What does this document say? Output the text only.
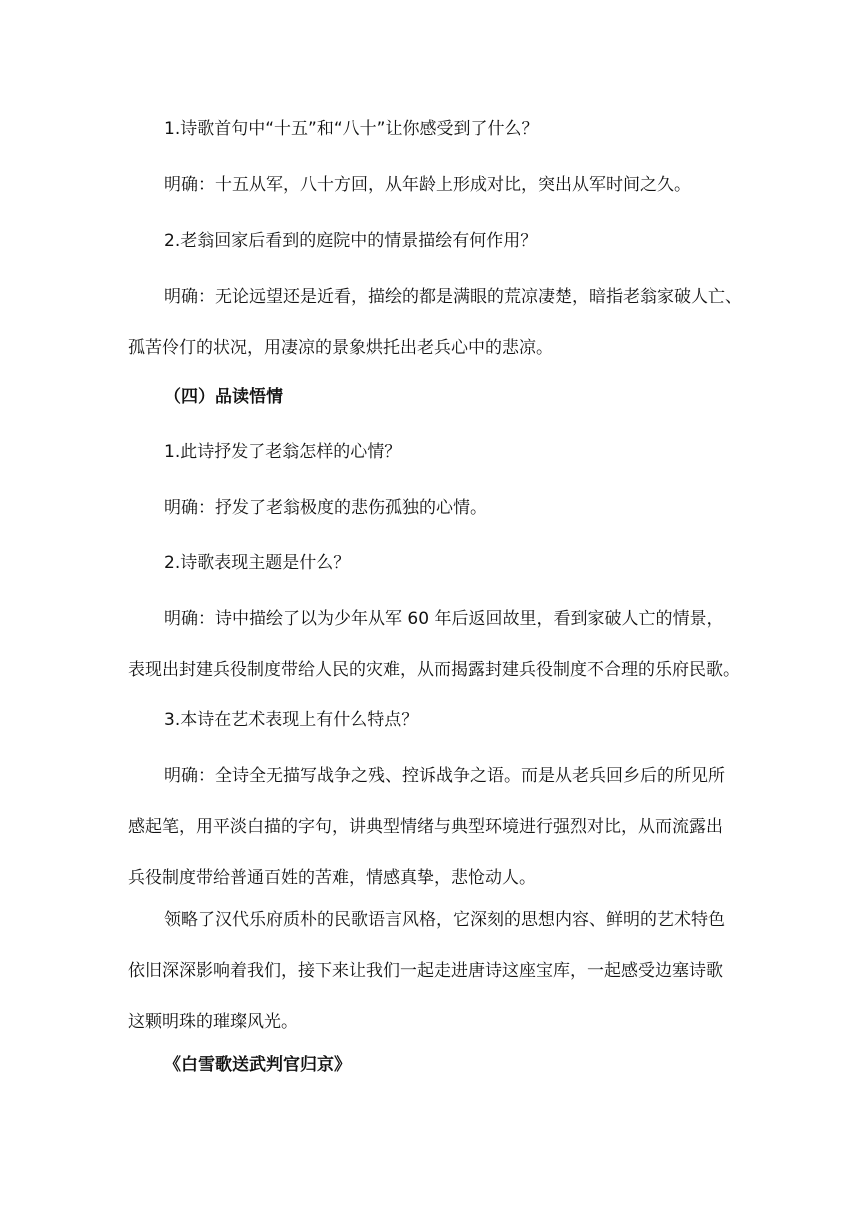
1.诗歌首句中“十五”和“八十”让你感受到了什么？

明确：十五从军，八十方回，从年龄上形成对比，突出从军时间之久。

2.老翁回家后看到的庭院中的情景描绘有何作用？

明确：无论远望还是近看，描绘的都是满眼的荒凉凄楚，暗指老翁家破人亡、
孤苦伶仃的状况，用凄凉的景象烘托出老兵心中的悲凉。

（四）品读悟情

1.此诗抒发了老翁怎样的心情？

明确：抒发了老翁极度的悲伤孤独的心情。

2.诗歌表现主题是什么？

明确：诗中描绘了以为少年从军 60 年后返回故里，看到家破人亡的情景，
表现出封建兵役制度带给人民的灾难，从而揭露封建兵役制度不合理的乐府民歌。

3.本诗在艺术表现上有什么特点？

明确：全诗全无描写战争之残、控诉战争之语。而是从老兵回乡后的所见所
感起笔，用平淡白描的字句，讲典型情绪与典型环境进行强烈对比，从而流露出
兵役制度带给普通百姓的苦难，情感真挚，悲怆动人。

领略了汉代乐府质朴的民歌语言风格，它深刻的思想内容、鲜明的艺术特色
依旧深深影响着我们，接下来让我们一起走进唐诗这座宝库，一起感受边塞诗歌
这颗明珠的璀璨风光。

《白雪歌送武判官归京》
